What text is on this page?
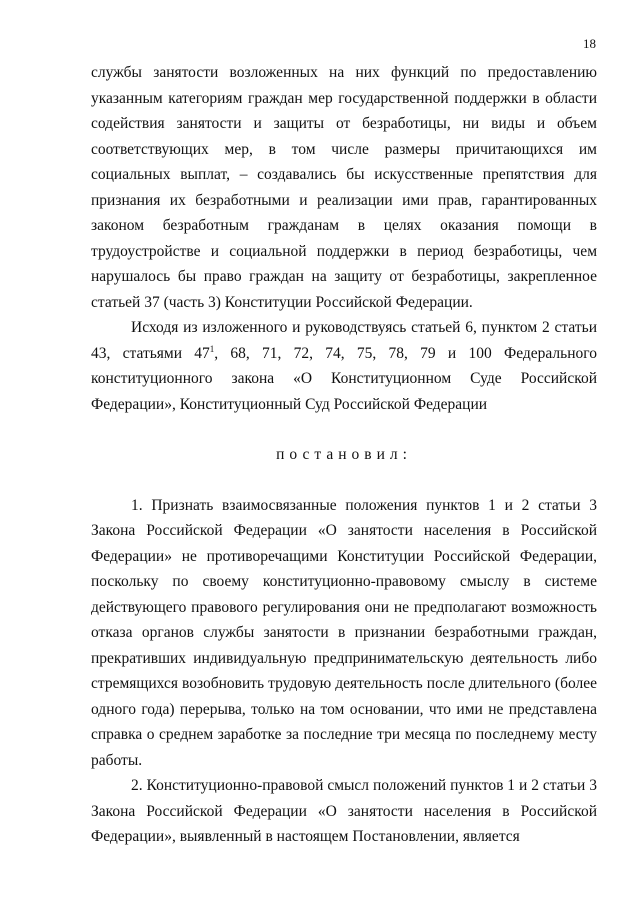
18

службы занятости возложенных на них функций по предоставлению указанным категориям граждан мер государственной поддержки в области содействия занятости и защиты от безработицы, ни виды и объем соответствующих мер, в том числе размеры причитающихся им социальных выплат, – создавались бы искусственные препятствия для признания их безработными и реализации ими прав, гарантированных законом безработным гражданам в целях оказания помощи в трудоустройстве и социальной поддержки в период безработицы, чем нарушалось бы право граждан на защиту от безработицы, закрепленное статьей 37 (часть 3) Конституции Российской Федерации.

Исходя из изложенного и руководствуясь статьей 6, пунктом 2 статьи 43, статьями $47^1$, 68, 71, 72, 74, 75, 78, 79 и 100 Федерального конституционного закона «О Конституционном Суде Российской Федерации», Конституционный Суд Российской Федерации

постановил:

1. Признать взаимосвязанные положения пунктов 1 и 2 статьи 3 Закона Российской Федерации «О занятости населения в Российской Федерации» не противоречащими Конституции Российской Федерации, поскольку по своему конституционно-правовому смыслу в системе действующего правового регулирования они не предполагают возможность отказа органов службы занятости в признании безработными граждан, прекративших индивидуальную предпринимательскую деятельность либо стремящихся возобновить трудовую деятельность после длительного (более одного года) перерыва, только на том основании, что ими не представлена справка о среднем заработке за последние три месяца по последнему месту работы.

2. Конституционно-правовой смысл положений пунктов 1 и 2 статьи 3 Закона Российской Федерации «О занятости населения в Российской Федерации», выявленный в настоящем Постановлении, является
